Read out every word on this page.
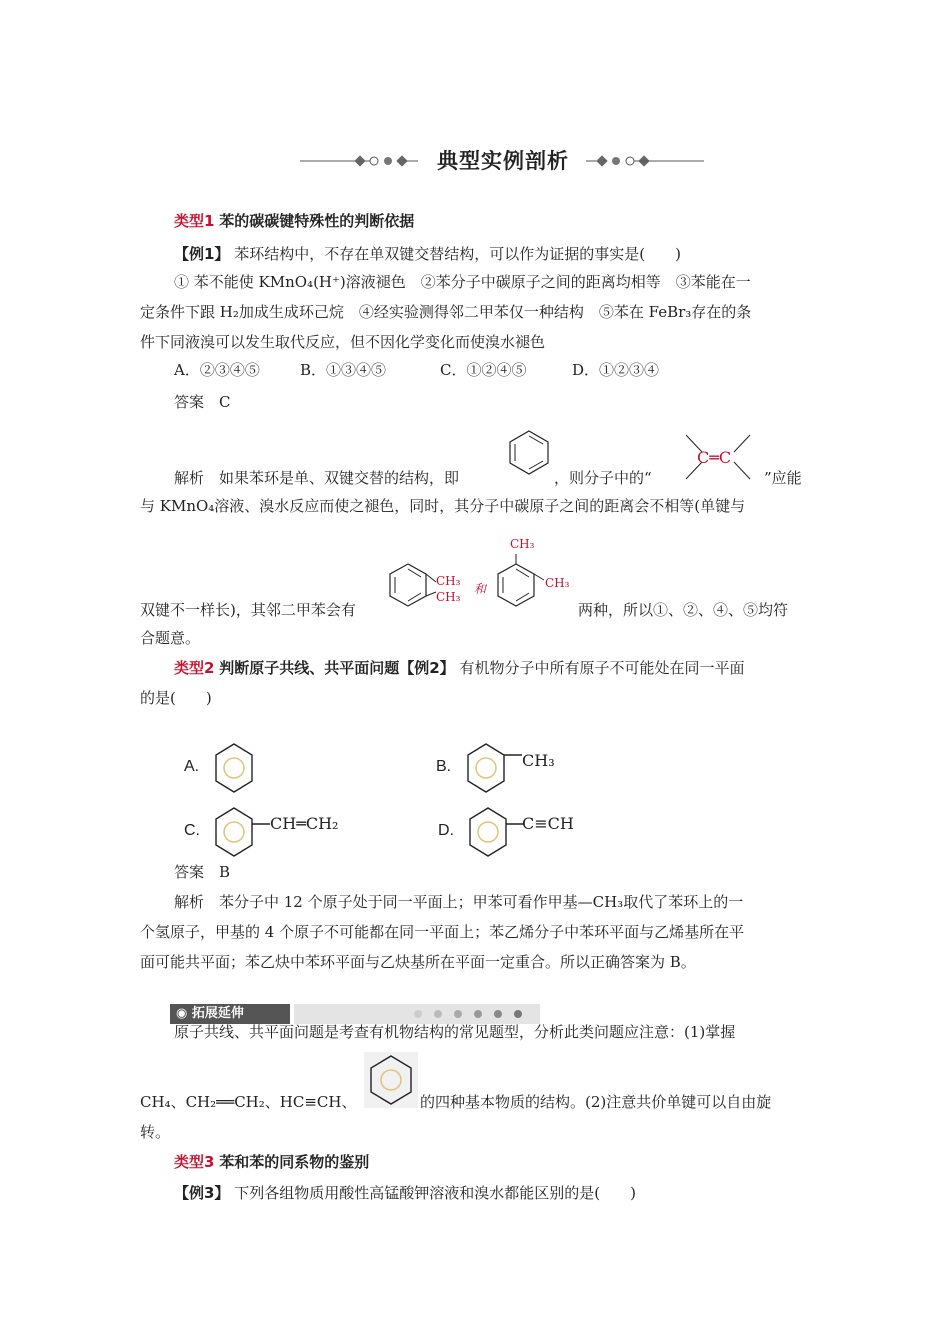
典型实例剖析
类型1 苯的碳碳键特殊性的判断依据
【例1】 苯环结构中，不存在单双键交替结构，可以作为证据的事实是(　　)
① 苯不能使 KMnO₄(H⁺)溶液褪色　②苯分子中碳原子之间的距离均相等　③苯能在一
定条件下跟 H₂加成生成环己烷　④经实验测得邻二甲苯仅一种结构　⑤苯在 FeBr₃存在的条
件下同液溴可以发生取代反应，但不因化学变化而使溴水褪色
A．②③④⑤	B．①③④⑤	C．①②④⑤	D．①②③④
答案　C
解析　如果苯环是单、双键交替的结构，即	，则分子中的“
C═C
”应能
与 KMnO₄溶液、溴水反应而使之褪色，同时，其分子中碳原子之间的距离会不相等(单键与
CH₃
CH₃
和
CH₃
CH₃
双键不一样长)，其邻二甲苯会有	两种，所以①、②、④、⑤均符
合题意。
类型2 判断原子共线、共平面问题【例2】 有机物分子中所有原子不可能处在同一平面
的是(　　)
A.	B.	CH₃
C.	CH═CH₂	D.	C≡CH
答案　B
解析　苯分子中 12 个原子处于同一平面上；甲苯可看作甲基—CH₃取代了苯环上的一
个氢原子，甲基的 4 个原子不可能都在同一平面上；苯乙烯分子中苯环平面与乙烯基所在平
面可能共平面；苯乙炔中苯环平面与乙炔基所在平面一定重合。所以正确答案为 B。
◉ 拓展延伸
原子共线、共平面问题是考查有机物结构的常见题型，分析此类问题应注意：(1)掌握
CH₄、CH₂══CH₂、HC≡CH、	的四种基本物质的结构。(2)注意共价单键可以自由旋
转。
类型3 苯和苯的同系物的鉴别
【例3】 下列各组物质用酸性高锰酸钾溶液和溴水都能区别的是(　　)
